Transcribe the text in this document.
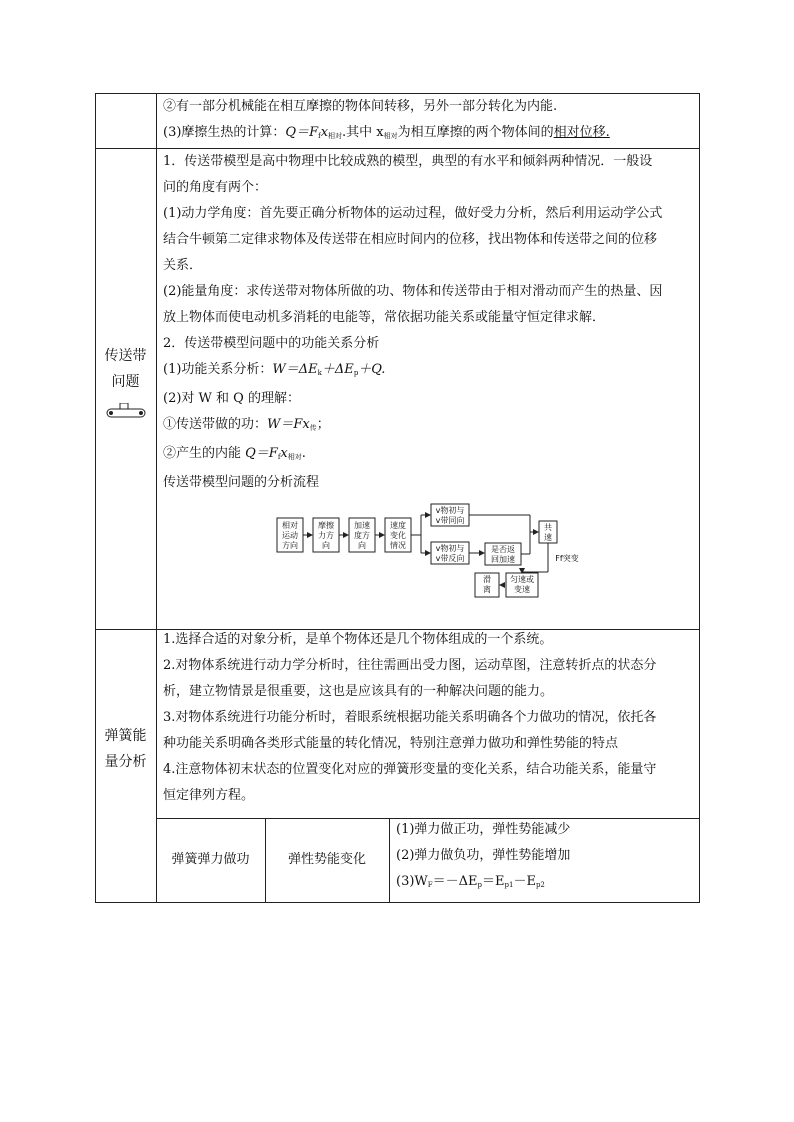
②有一部分机械能在相互摩擦的物体间转移，另外一部分转化为内能.

(3)摩擦生热的计算：$Q=F_fx_{相对}$.其中 $x_{相对}$为相互摩擦的两个物体间的相对位移.

传送带
问题

1．传送带模型是高中物理中比较成熟的模型，典型的有水平和倾斜两种情况．一般设

问的角度有两个：

(1)动力学角度：首先要正确分析物体的运动过程，做好受力分析，然后利用运动学公式

结合牛顿第二定律求物体及传送带在相应时间内的位移，找出物体和传送带之间的位移

关系．

(2)能量角度：求传送带对物体所做的功、物体和传送带由于相对滑动而产生的热量、因

放上物体而使电动机多消耗的电能等，常依据功能关系或能量守恒定律求解．

2．传送带模型问题中的功能关系分析

(1)功能关系分析：$W=\Delta E_k+\Delta E_p+Q$.

(2)对 W 和 Q 的理解：

①传送带做的功：$W=Fx_传$；

②产生的内能 $Q=F_fx_{相对}$.

传送带模型问题的分析流程

相对运动方向
摩擦力方向
加速度方向
速度变化情况
v物初与 v带同向
v物初与 v带反向
是否返回加速
共速
Ff突变
匀速或变速
滑离
弹簧能
量分析

1.选择合适的对象分析，是单个物体还是几个物体组成的一个系统。

2.对物体系统进行动力学分析时，往往需画出受力图，运动草图，注意转折点的状态分

析，建立物情景是很重要，这也是应该具有的一种解决问题的能力。

3.对物体系统进行功能分析时，着眼系统根据功能关系明确各个力做功的情况，依托各

种功能关系明确各类形式能量的转化情况，特别注意弹力做功和弹性势能的特点

4.注意物体初末状态的位置变化对应的弹簧形变量的变化关系，结合功能关系，能量守

恒定律列方程。

弹簧弹力做功	弹性势能变化

(1)弹力做正功，弹性势能减少

(2)弹力做负功，弹性势能增加

$(3)W_F=-\Delta E_p=E_{p1}-E_{p2}$
